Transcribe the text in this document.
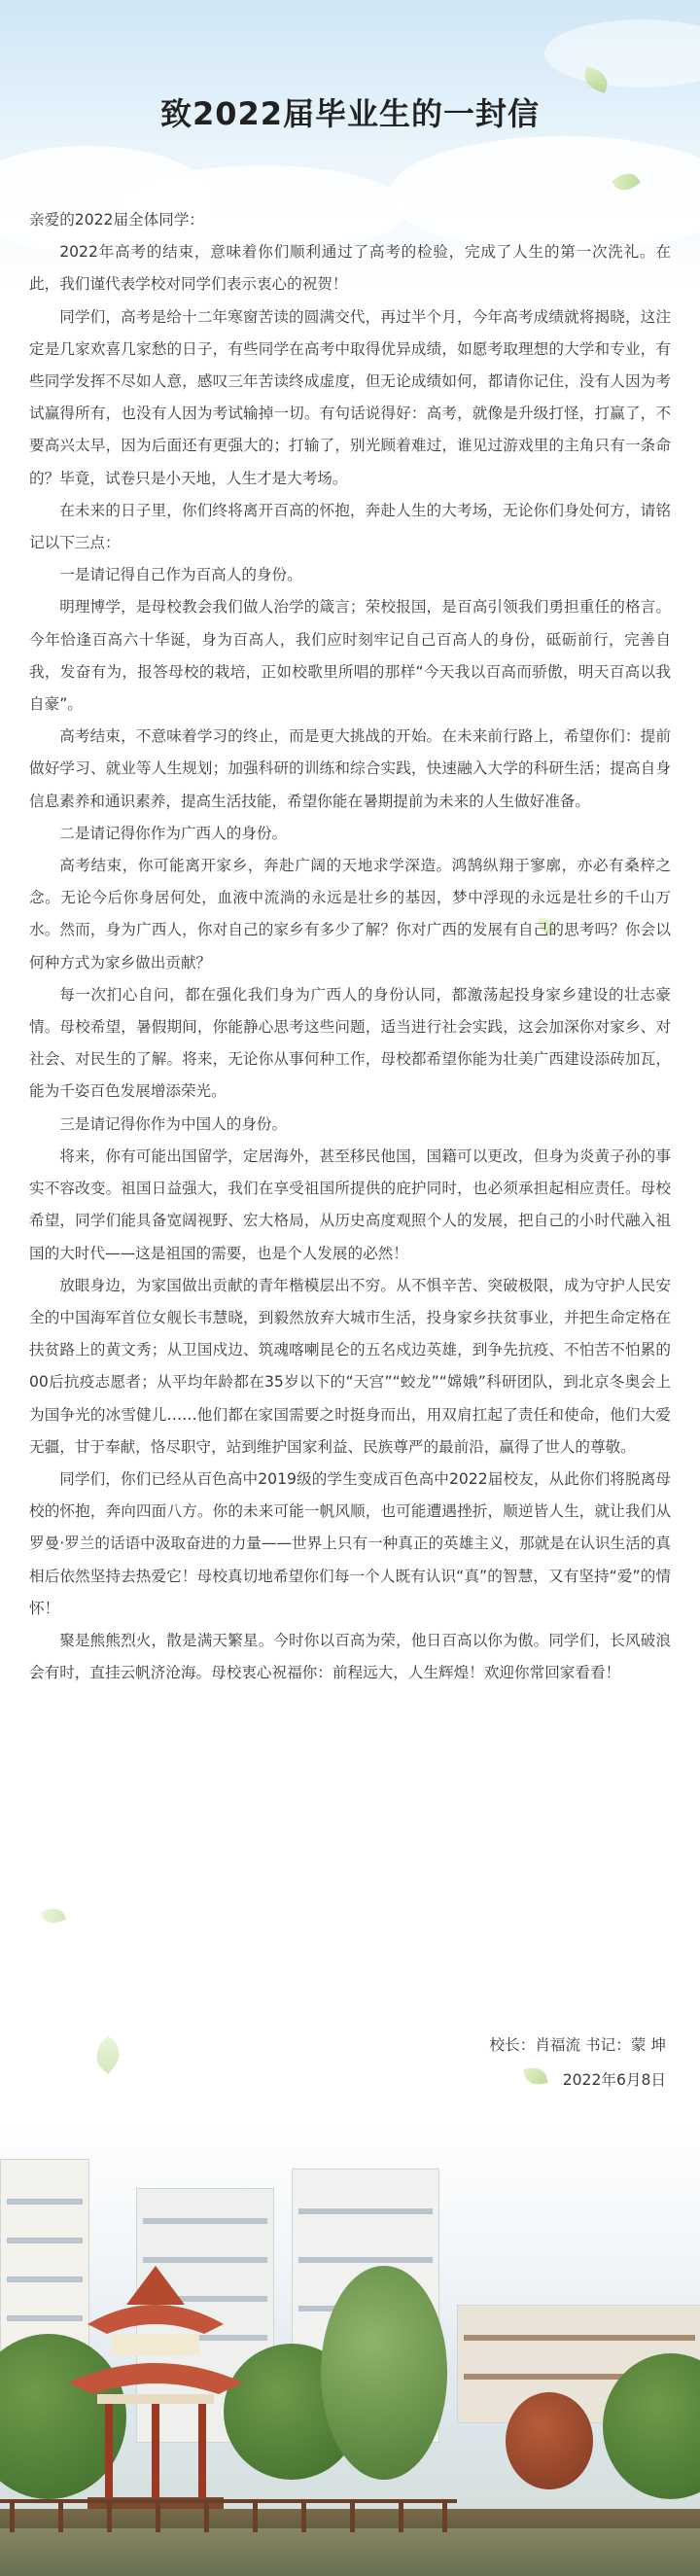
致2022届毕业生的一封信

亲爱的2022届全体同学：

2022年高考的结束，意味着你们顺利通过了高考的检验，完成了人生的第一次洗礼。在此，我们谨代表学校对同学们表示衷心的祝贺！

同学们，高考是给十二年寒窗苦读的圆满交代，再过半个月，今年高考成绩就将揭晓，这注定是几家欢喜几家愁的日子，有些同学在高考中取得优异成绩，如愿考取理想的大学和专业，有些同学发挥不尽如人意，感叹三年苦读终成虚度，但无论成绩如何，都请你记住，没有人因为考试赢得所有，也没有人因为考试输掉一切。有句话说得好：高考，就像是升级打怪，打赢了，不要高兴太早，因为后面还有更强大的；打输了，别光顾着难过，谁见过游戏里的主角只有一条命的？毕竟，试卷只是小天地，人生才是大考场。

在未来的日子里，你们终将离开百高的怀抱，奔赴人生的大考场，无论你们身处何方，请铭记以下三点：

一是请记得自己作为百高人的身份。

明理博学，是母校教会我们做人治学的箴言；荣校报国，是百高引领我们勇担重任的格言。今年恰逢百高六十华诞，身为百高人，我们应时刻牢记自己百高人的身份，砥砺前行，完善自我，发奋有为，报答母校的栽培，正如校歌里所唱的那样“今天我以百高而骄傲，明天百高以我自豪”。

高考结束，不意味着学习的终止，而是更大挑战的开始。在未来前行路上，希望你们：提前做好学习、就业等人生规划；加强科研的训练和综合实践，快速融入大学的科研生活；提高自身信息素养和通识素养，提高生活技能，希望你能在暑期提前为未来的人生做好准备。

二是请记得你作为广西人的身份。

高考结束，你可能离开家乡，奔赴广阔的天地求学深造。鸿鹄纵翔于寥廓，亦必有桑梓之念。无论今后你身居何处，血液中流淌的永远是壮乡的基因，梦中浮现的永远是壮乡的千山万水。然而，身为广西人，你对自己的家乡有多少了解？你对广西的发展有自己的思考吗？你会以何种方式为家乡做出贡献？

每一次扪心自问，都在强化我们身为广西人的身份认同，都激荡起投身家乡建设的壮志豪情。母校希望，暑假期间，你能静心思考这些问题，适当进行社会实践，这会加深你对家乡、对社会、对民生的了解。将来，无论你从事何种工作，母校都希望你能为壮美广西建设添砖加瓦，能为千姿百色发展增添荣光。

三是请记得你作为中国人的身份。

将来，你有可能出国留学，定居海外，甚至移民他国，国籍可以更改，但身为炎黄子孙的事实不容改变。祖国日益强大，我们在享受祖国所提供的庇护同时，也必须承担起相应责任。母校希望，同学们能具备宽阔视野、宏大格局，从历史高度观照个人的发展，把自己的小时代融入祖国的大时代——这是祖国的需要，也是个人发展的必然！

放眼身边，为家国做出贡献的青年楷模层出不穷。从不惧辛苦、突破极限，成为守护人民安全的中国海军首位女舰长韦慧晓，到毅然放弃大城市生活，投身家乡扶贫事业，并把生命定格在扶贫路上的黄文秀；从卫国戍边、筑魂喀喇昆仑的五名戍边英雄，到争先抗疫、不怕苦不怕累的00后抗疫志愿者；从平均年龄都在35岁以下的“天宫”“蛟龙”“嫦娥”科研团队，到北京冬奥会上为国争光的冰雪健儿……他们都在家国需要之时挺身而出，用双肩扛起了责任和使命，他们大爱无疆，甘于奉献，恪尽职守，站到维护国家利益、民族尊严的最前沿，赢得了世人的尊敬。

同学们，你们已经从百色高中2019级的学生变成百色高中2022届校友，从此你们将脱离母校的怀抱，奔向四面八方。你的未来可能一帆风顺，也可能遭遇挫折，顺逆皆人生，就让我们从罗曼·罗兰的话语中汲取奋进的力量——世界上只有一种真正的英雄主义，那就是在认识生活的真相后依然坚持去热爱它！母校真切地希望你们每一个人既有认识“真”的智慧，又有坚持“爱”的情怀！

聚是熊熊烈火，散是满天繁星。今时你以百高为荣，他日百高以你为傲。同学们，长风破浪会有时，直挂云帆济沧海。母校衷心祝福你：前程远大，人生辉煌！欢迎你常回家看看！

校长：肖福流 书记：蒙 坤
2022年6月8日
